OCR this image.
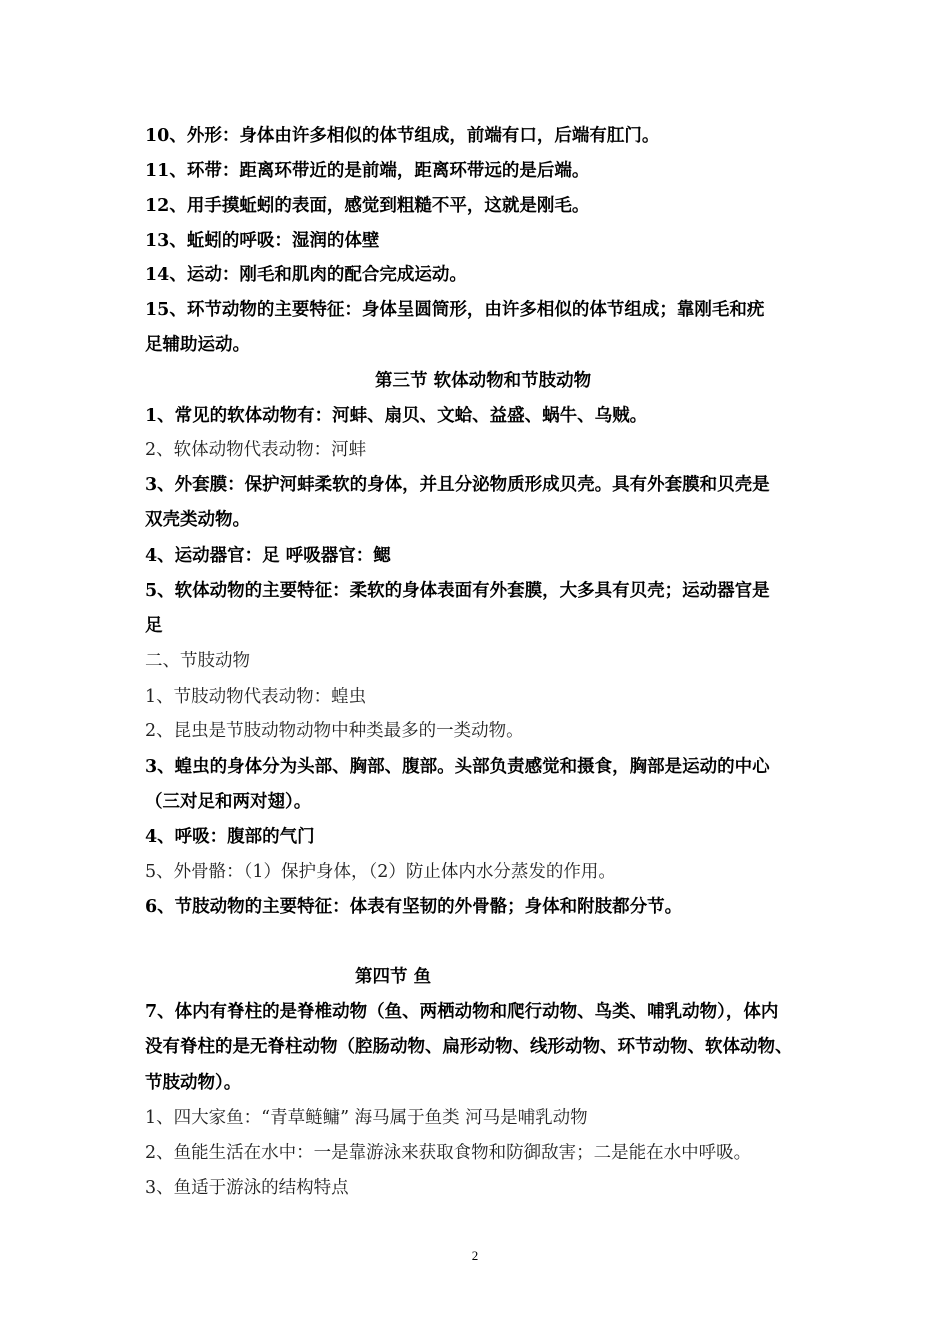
10、外形：身体由许多相似的体节组成，前端有口，后端有肛门。
11、环带：距离环带近的是前端，距离环带远的是后端。
12、用手摸蚯蚓的表面，感觉到粗糙不平，这就是刚毛。
13、蚯蚓的呼吸：湿润的体壁
14、运动：刚毛和肌肉的配合完成运动。
15、环节动物的主要特征：身体呈圆筒形，由许多相似的体节组成；靠刚毛和疣
足辅助运动。
第三节 软体动物和节肢动物
1、常见的软体动物有：河蚌、扇贝、文蛤、益盛、蜗牛、乌贼。
2、软体动物代表动物：河蚌
3、外套膜：保护河蚌柔软的身体，并且分泌物质形成贝壳。具有外套膜和贝壳是
双壳类动物。
4、运动器官：足 呼吸器官：鳃
5、软体动物的主要特征：柔软的身体表面有外套膜，大多具有贝壳；运动器官是
足
二、节肢动物
1、节肢动物代表动物：蝗虫
2、昆虫是节肢动物动物中种类最多的一类动物。
3、蝗虫的身体分为头部、胸部、腹部。头部负责感觉和摄食，胸部是运动的中心
（三对足和两对翅）。
4、呼吸：腹部的气门
5、外骨骼：（1）保护身体，（2）防止体内水分蒸发的作用。
6、节肢动物的主要特征：体表有坚韧的外骨骼；身体和附肢都分节。
第四节 鱼
7、体内有脊柱的是脊椎动物（鱼、两栖动物和爬行动物、鸟类、哺乳动物），体内
没有脊柱的是无脊柱动物（腔肠动物、扁形动物、线形动物、环节动物、软体动物、
节肢动物）。
1、四大家鱼：“青草鲢鳙” 海马属于鱼类 河马是哺乳动物
2、鱼能生活在水中：一是靠游泳来获取食物和防御敌害；二是能在水中呼吸。
3、鱼适于游泳的结构特点
2
